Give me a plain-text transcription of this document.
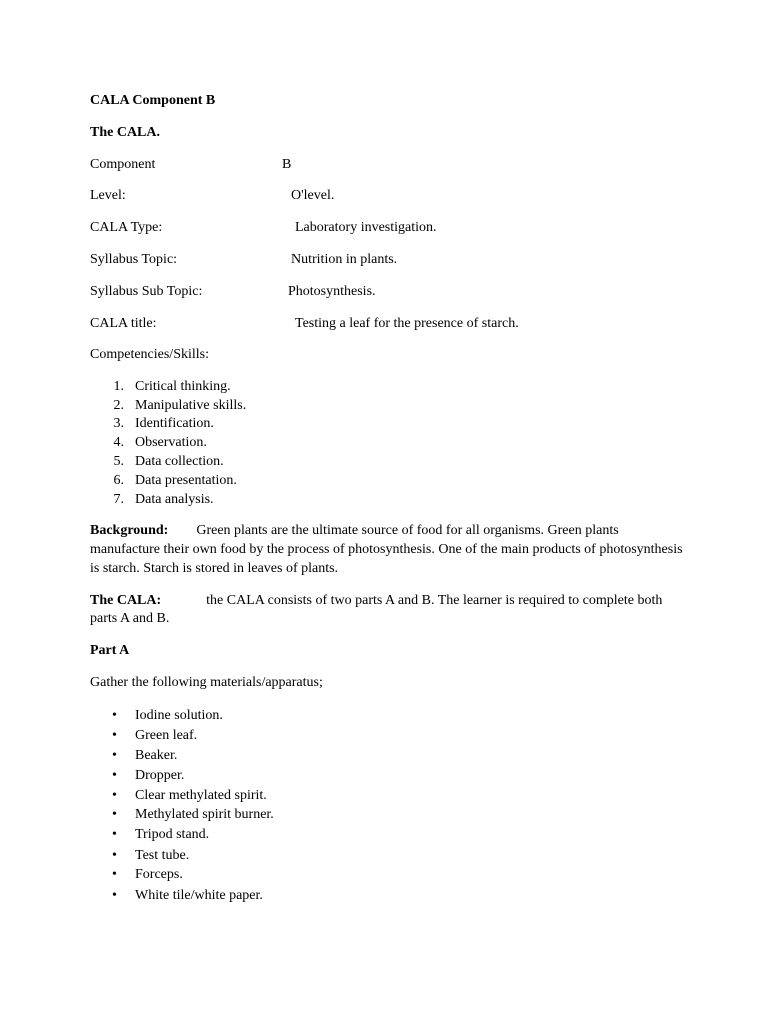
CALA Component B
The CALA.
Component	B
Level:	O'level.
CALA Type:	Laboratory investigation.
Syllabus Topic:	Nutrition in plants.
Syllabus Sub Topic:	Photosynthesis.
CALA title:	Testing a leaf for the presence of starch.
Competencies/Skills:
1. Critical thinking.
2. Manipulative skills.
3. Identification.
4. Observation.
5. Data collection.
6. Data presentation.
7. Data analysis.
Background: Green plants are the ultimate source of food for all organisms. Green plants
manufacture their own food by the process of photosynthesis. One of the main products of photosynthesis
is starch. Starch is stored in leaves of plants.
The CALA:	the CALA consists of two parts A and B. The learner is required to complete both
parts A and B.
Part A
Gather the following materials/apparatus;
• Iodine solution.
• Green leaf.
• Beaker.
• Dropper.
• Clear methylated spirit.
• Methylated spirit burner.
• Tripod stand.
• Test tube.
• Forceps.
• White tile/white paper.
